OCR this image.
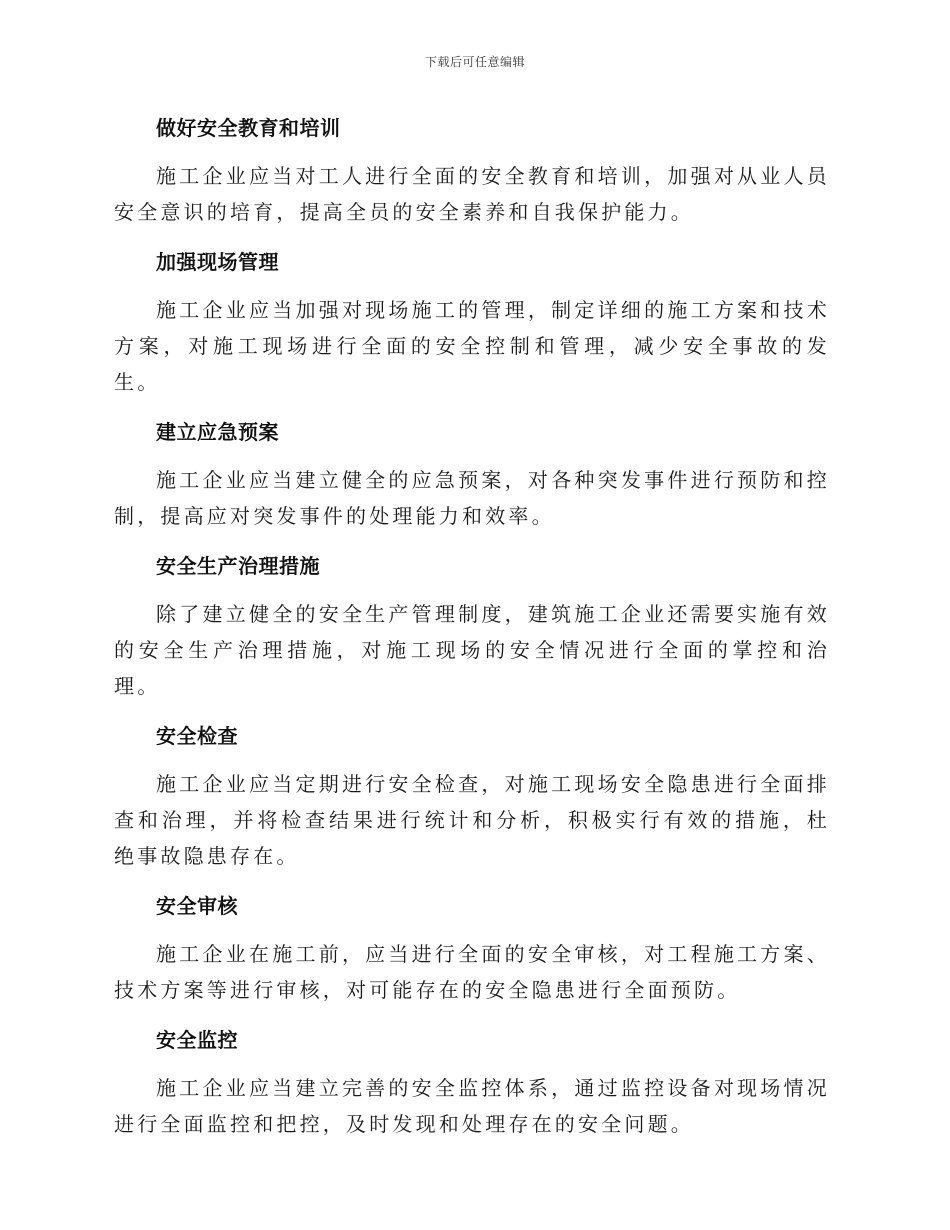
下载后可任意编辑
做好安全教育和培训

施工企业应当对工人进行全面的安全教育和培训，加强对从业人员安全意识的培育，提高全员的安全素养和自我保护能力。

加强现场管理

施工企业应当加强对现场施工的管理，制定详细的施工方案和技术方案，对施工现场进行全面的安全控制和管理，减少安全事故的发生。

建立应急预案

施工企业应当建立健全的应急预案，对各种突发事件进行预防和控制，提高应对突发事件的处理能力和效率。

安全生产治理措施

除了建立健全的安全生产管理制度，建筑施工企业还需要实施有效的安全生产治理措施，对施工现场的安全情况进行全面的掌控和治理。

安全检查

施工企业应当定期进行安全检查，对施工现场安全隐患进行全面排查和治理，并将检查结果进行统计和分析，积极实行有效的措施，杜绝事故隐患存在。

安全审核

施工企业在施工前，应当进行全面的安全审核，对工程施工方案、技术方案等进行审核，对可能存在的安全隐患进行全面预防。

安全监控

施工企业应当建立完善的安全监控体系，通过监控设备对现场情况进行全面监控和把控，及时发现和处理存在的安全问题。
